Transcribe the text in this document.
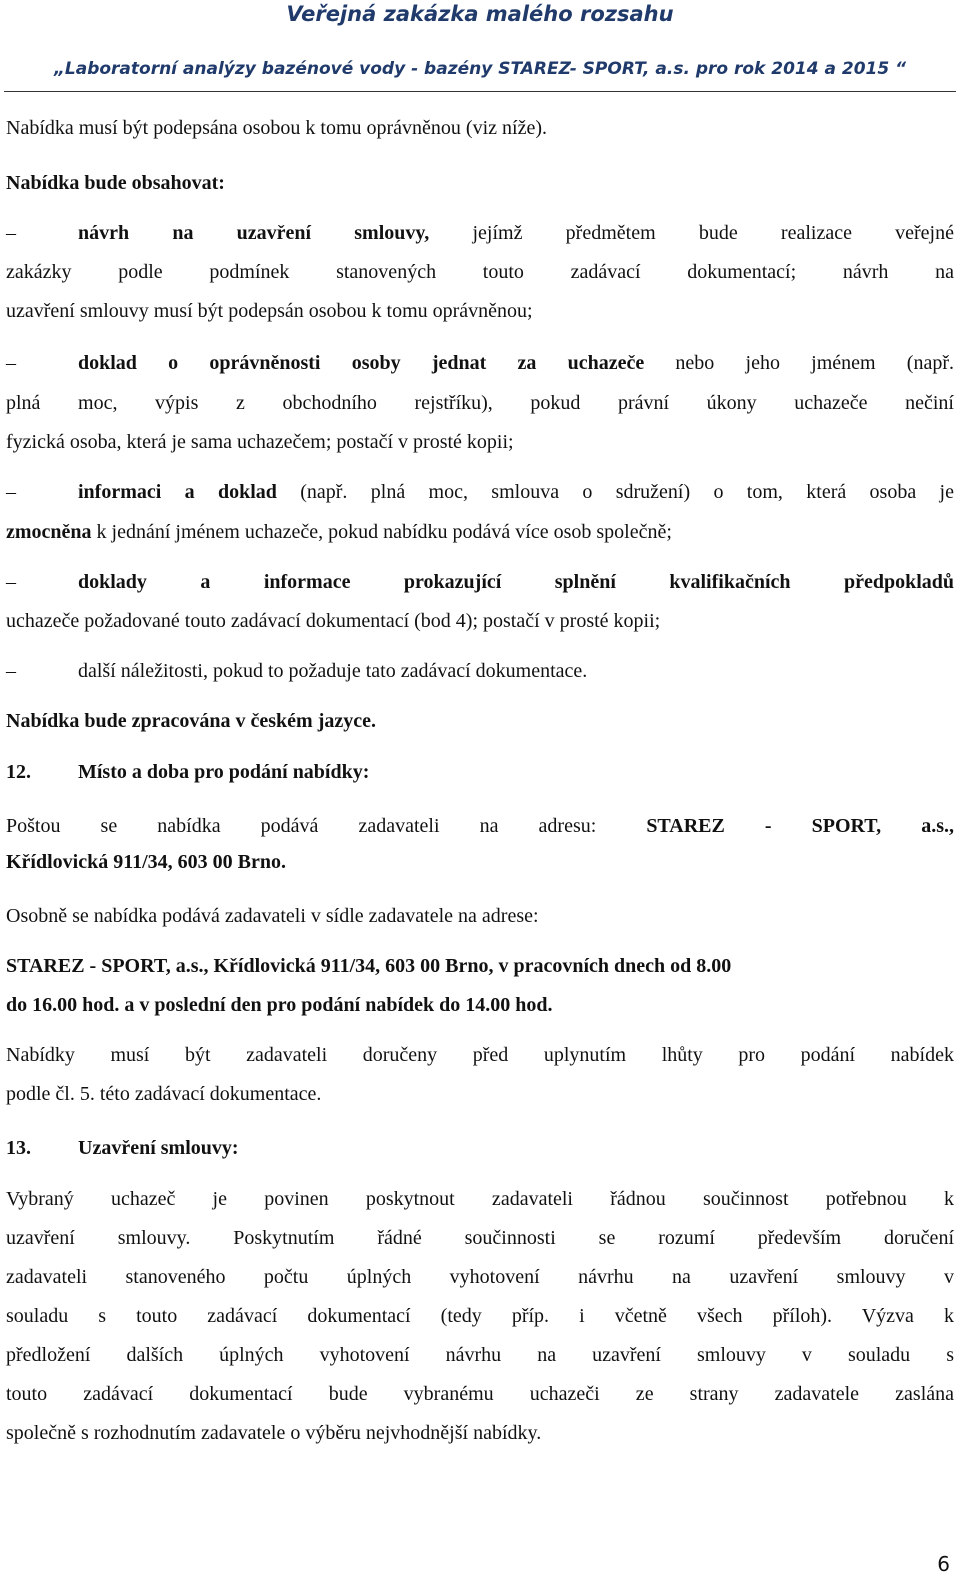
Veřejná zakázka malého rozsahu
„Laboratorní analýzy bazénové vody - bazény STAREZ- SPORT, a.s. pro rok 2014 a 2015 “
Nabídka musí být podepsána osobou k tomu oprávněnou (viz níže).
Nabídka bude obsahovat:
–	návrh na uzavření smlouvy, jejímž předmětem bude realizace veřejné
zakázky podle podmínek stanovených touto zadávací dokumentací; návrh na
uzavření smlouvy musí být podepsán osobou k tomu oprávněnou;
–	doklad o oprávněnosti osoby jednat za uchazeče nebo jeho jménem (např.
plná moc, výpis z obchodního rejstříku), pokud právní úkony uchazeče nečiní
fyzická osoba, která je sama uchazečem; postačí v prosté kopii;
–	informaci a doklad (např. plná moc, smlouva o sdružení) o tom, která osoba je
zmocněna k jednání jménem uchazeče, pokud nabídku podává více osob společně;
–	doklady a informace prokazující splnění kvalifikačních předpokladů
uchazeče požadované touto zadávací dokumentací (bod 4); postačí v prosté kopii;
–	další náležitosti, pokud to požaduje tato zadávací dokumentace.
Nabídka bude zpracována v českém jazyce.
12. Místo a doba pro podání nabídky:
Poštou se nabídka podává zadavateli na adresu:	STAREZ - SPORT, a.s.,
Křídlovická 911/34, 603 00 Brno.
Osobně se nabídka podává zadavateli v sídle zadavatele na adrese:
STAREZ - SPORT, a.s., Křídlovická 911/34, 603 00 Brno, v pracovních dnech od 8.00
do 16.00 hod. a v poslední den pro podání nabídek do 14.00 hod.
Nabídky musí být zadavateli doručeny před uplynutím lhůty pro podání nabídek
podle čl. 5. této zadávací dokumentace.
13. Uzavření smlouvy:
Vybraný uchazeč je povinen poskytnout zadavateli řádnou součinnost potřebnou k
uzavření smlouvy. Poskytnutím řádné součinnosti se rozumí především doručení
zadavateli stanoveného počtu úplných vyhotovení návrhu na uzavření smlouvy v
souladu s touto zadávací dokumentací (tedy příp. i včetně všech příloh). Výzva k
předložení dalších úplných vyhotovení návrhu na uzavření smlouvy v souladu s
touto zadávací dokumentací bude vybranému uchazeči ze strany zadavatele zaslána
společně s rozhodnutím zadavatele o výběru nejvhodnější nabídky.
6
